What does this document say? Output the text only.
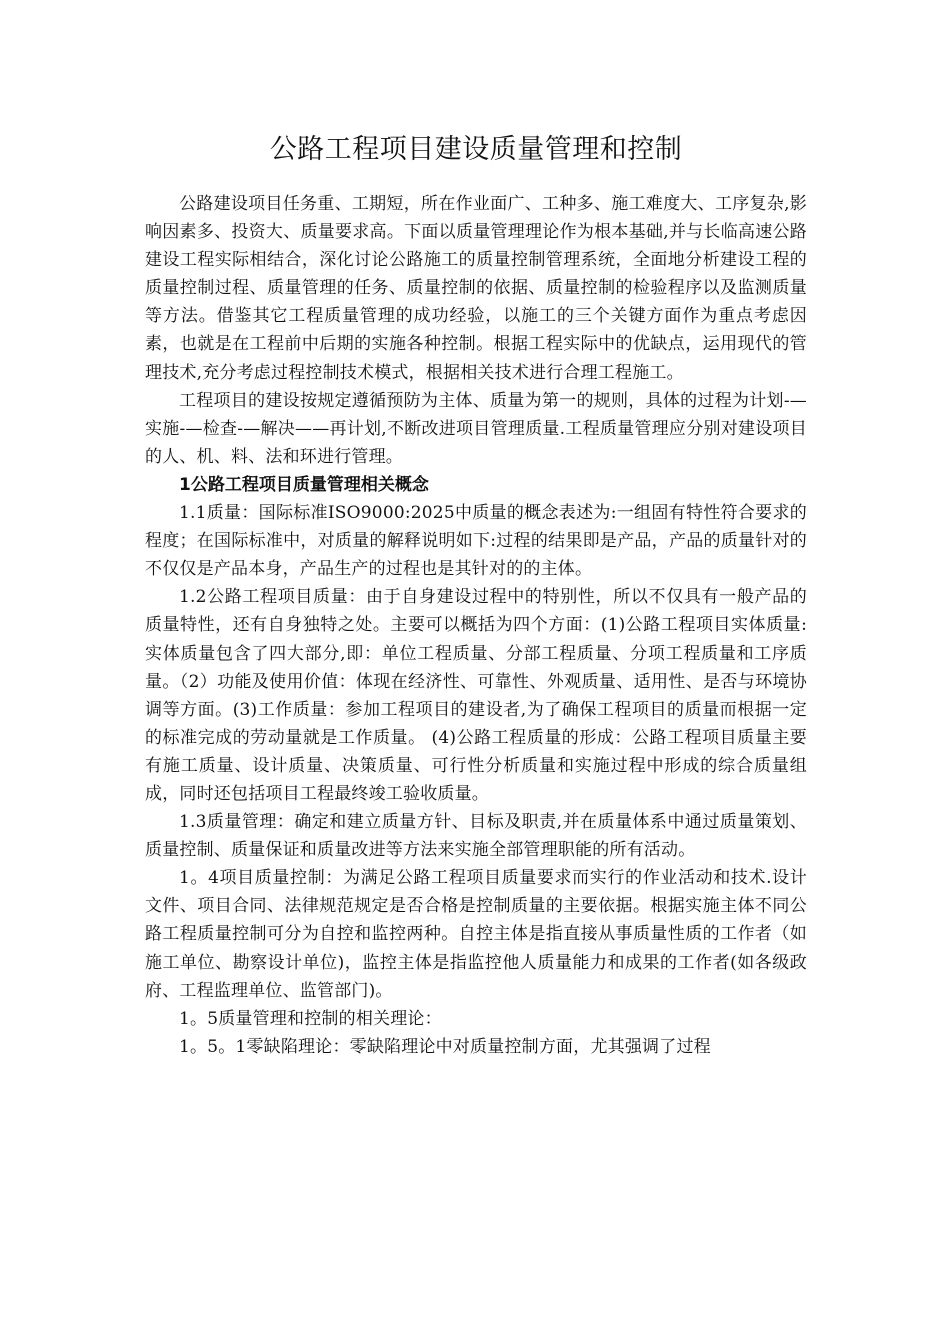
公路工程项目建设质量管理和控制

公路建设项目任务重、工期短，所在作业面广、工种多、施工难度大、工序复杂,影响因素多、投资大、质量要求高。下面以质量管理理论作为根本基础,并与长临高速公路建设工程实际相结合，深化讨论公路施工的质量控制管理系统，全面地分析建设工程的质量控制过程、质量管理的任务、质量控制的依据、质量控制的检验程序以及监测质量等方法。借鉴其它工程质量管理的成功经验，以施工的三个关键方面作为重点考虑因素，也就是在工程前中后期的实施各种控制。根据工程实际中的优缺点，运用现代的管理技术,充分考虑过程控制技术模式，根据相关技术进行合理工程施工。

工程项目的建设按规定遵循预防为主体、质量为第一的规则，具体的过程为计划-—实施-—检查-—解决——再计划,不断改进项目管理质量.工程质量管理应分别对建设项目的人、机、料、法和环进行管理。

1公路工程项目质量管理相关概念

1.1质量：国际标准ISO9000:2025中质量的概念表述为:一组固有特性符合要求的程度；在国际标准中，对质量的解释说明如下:过程的结果即是产品，产品的质量针对的不仅仅是产品本身，产品生产的过程也是其针对的的主体。

1.2公路工程项目质量：由于自身建设过程中的特别性，所以不仅具有一般产品的质量特性，还有自身独特之处。主要可以概括为四个方面：(1)公路工程项目实体质量:实体质量包含了四大部分,即：单位工程质量、分部工程质量、分项工程质量和工序质量。（2）功能及使用价值：体现在经济性、可靠性、外观质量、适用性、是否与环境协调等方面。(3)工作质量：参加工程项目的建设者,为了确保工程项目的质量而根据一定的标准完成的劳动量就是工作质量。 (4)公路工程质量的形成：公路工程项目质量主要有施工质量、设计质量、决策质量、可行性分析质量和实施过程中形成的综合质量组成，同时还包括项目工程最终竣工验收质量。

1.3质量管理：确定和建立质量方针、目标及职责,并在质量体系中通过质量策划、质量控制、质量保证和质量改进等方法来实施全部管理职能的所有活动。

1。4项目质量控制：为满足公路工程项目质量要求而实行的作业活动和技术.设计文件、项目合同、法律规范规定是否合格是控制质量的主要依据。根据实施主体不同公路工程质量控制可分为自控和监控两种。自控主体是指直接从事质量性质的工作者（如施工单位、勘察设计单位)，监控主体是指监控他人质量能力和成果的工作者(如各级政府、工程监理单位、监管部门)。

1。5质量管理和控制的相关理论：

1。5。1零缺陷理论：零缺陷理论中对质量控制方面，尤其强调了过程
